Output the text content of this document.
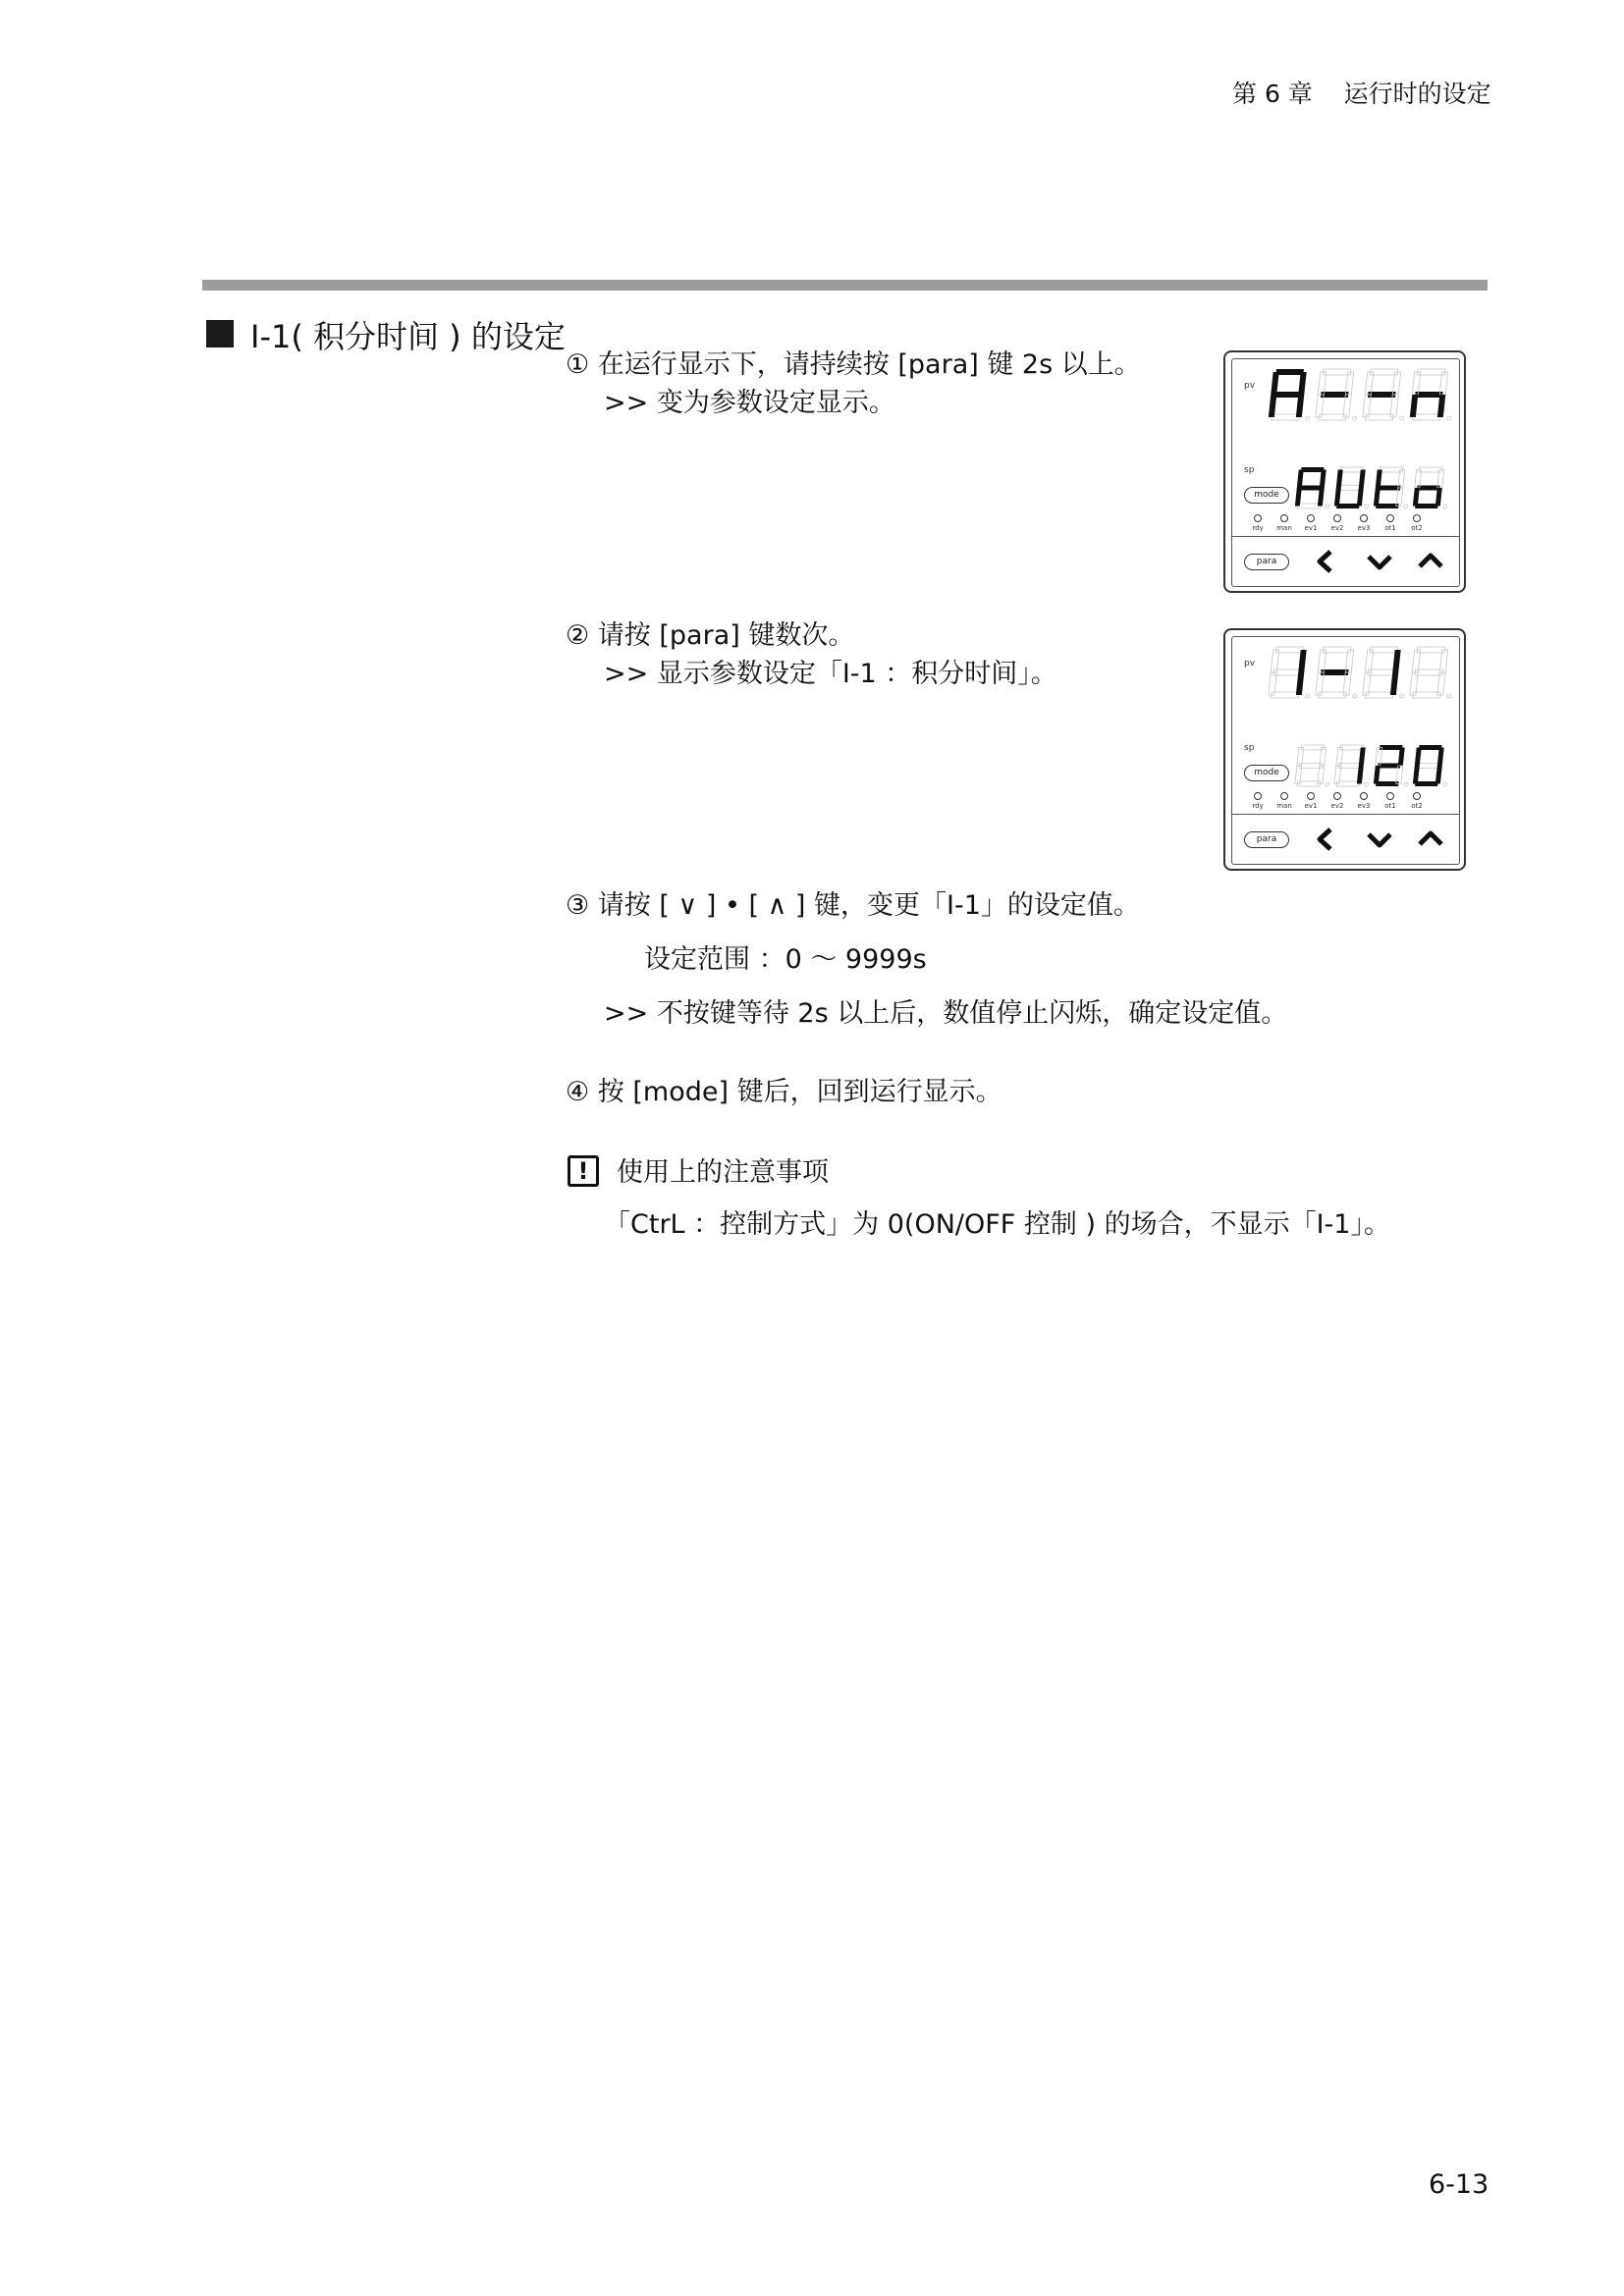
第 6 章    运行时的设定
I-1( 积分时间 ) 的设定
① 在运行显示下，请持续按 [para] 键 2s 以上。
>> 变为参数设定显示。
② 请按 [para] 键数次。
>> 显示参数设定「I-1 ：积分时间」。
③ 请按 [ ∨ ] • [ ∧ ] 键，变更「I-1」的设定值。
设定范围 ：0 ～ 9999s
>> 不按键等待 2s 以上后，数值停止闪烁，确定设定值。
④ 按 [mode] 键后，回到运行显示。
!	使用上的注意事项
「CtrL ：控制方式」为 0(ON/OFF 控制 ) 的场合，不显示「I-1」。
pv
sp
mode
para
rdy	man	ev1	ev2	ev3	ot1	ot2
pv
sp
mode
para
rdy	man	ev1	ev2	ev3	ot1	ot2
6-13
